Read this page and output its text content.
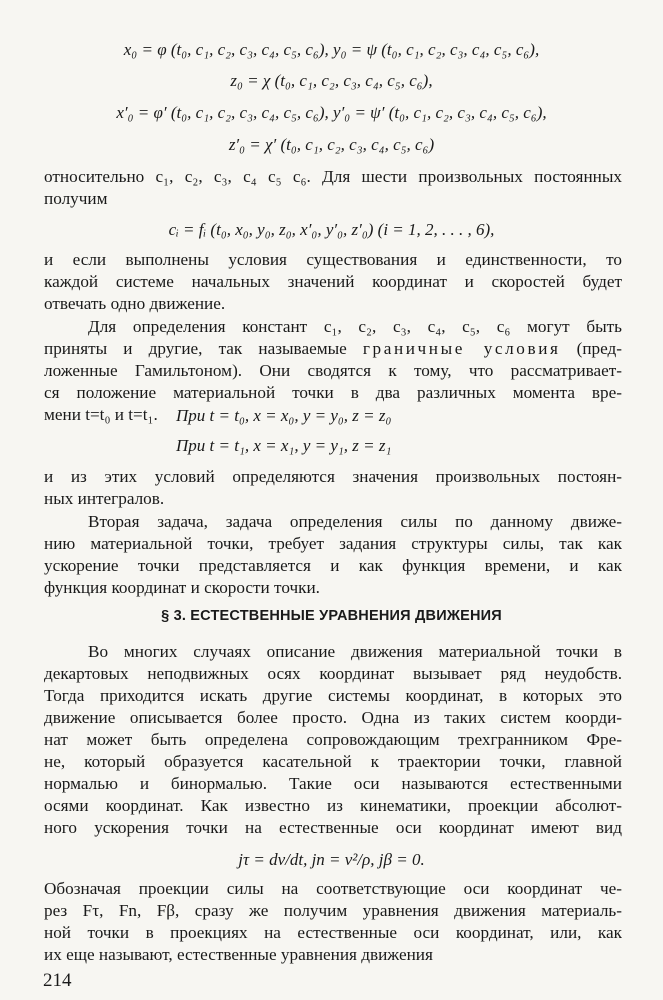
x₀ = φ (t₀, c₁, c₂, c₃, c₄, c₅, c₆), y₀ = ψ (t₀, c₁, c₂, c₃, c₄, c₅, c₆),
z₀ = χ (t₀, c₁, c₂, c₃, c₄, c₅, c₆),
x′₀ = φ′ (t₀, c₁, c₂, c₃, c₄, c₅, c₆), y′₀ = ψ′ (t₀, c₁, c₂, c₃, c₄, c₅, c₆),
z′₀ = χ′ (t₀, c₁, c₂, c₃, c₄, c₅, c₆)
относительно c₁, c₂, c₃, c₄ c₅ c₆. Для шести произвольных постоянных
получим
cᵢ = fᵢ (t₀, x₀, y₀, z₀, x′₀, y′₀, z′₀) (i = 1, 2, . . . , 6),
и если выполнены условия существования и единственности, то
каждой системе начальных значений координат и скоростей будет
отвечать одно движение.
Для определения констант c₁, c₂, c₃, c₄, c₅, c₆ могут быть
приняты и другие, так называемые граничные условия (пред-
ложенные Гамильтоном). Они сводятся к тому, что рассматривает-
ся положение материальной точки в два различных момента вре-
мени t=t₀ и t=t₁.	При t = t₀, x = x₀, y = y₀, z = z₀
При t = t₁, x = x₁, y = y₁, z = z₁
и из этих условий определяются значения произвольных постоян-
ных интегралов.
Вторая задача, задача определения силы по данному движе-
нию материальной точки, требует задания структуры силы, так как
ускорение точки представляется и как функция времени, и как
функция координат и скорости точки.
§ 3. ЕСТЕСТВЕННЫЕ УРАВНЕНИЯ ДВИЖЕНИЯ
Во многих случаях описание движения материальной точки в
декартовых неподвижных осях координат вызывает ряд неудобств.
Тогда приходится искать другие системы координат, в которых это
движение описывается более просто. Одна из таких систем коорди-
нат может быть определена сопровождающим трехгранником Фре-
не, который образуется касательной к траектории точки, главной
нормалью и бинормалью. Такие оси называются естественными
осями координат. Как известно из кинематики, проекции абсолют-
ного ускорения точки на естественные оси координат имеют вид
jτ = dv/dt, jn = v²/ρ, jβ = 0.
Обозначая проекции силы на соответствующие оси координат че-
рез Fτ, Fn, Fβ, сразу же получим уравнения движения материаль-
ной точки в проекциях на естественные оси координат, или, как
их еще называют, естественные уравнения движения
214
